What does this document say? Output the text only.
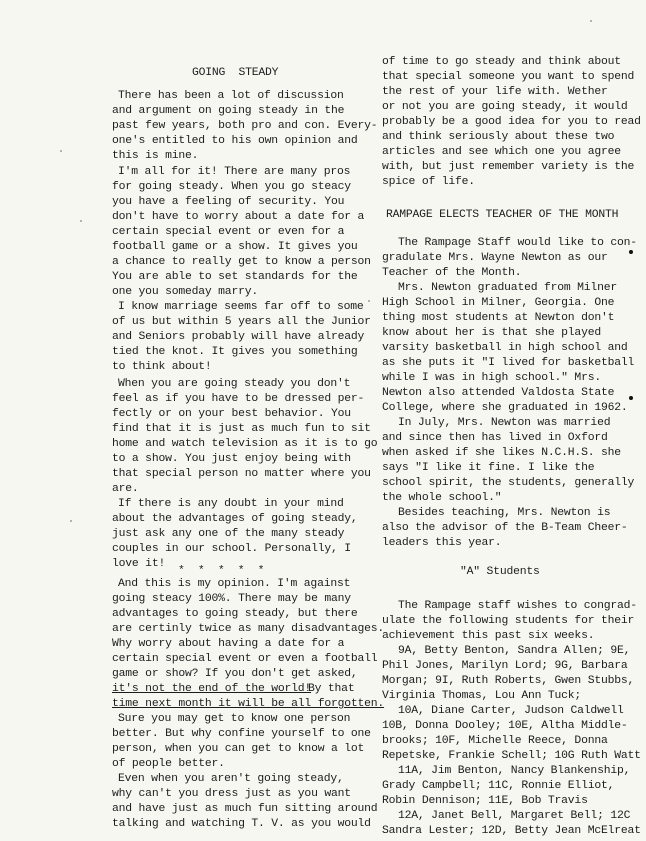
GOING  STEADY
There has been a lot of discussion
and argument on going steady in the
past few years, both pro and con. Every-
one's entitled to his own opinion and
this is mine.
I'm all for it! There are many pros
for going steady. When you go steacy
you have a feeling of security. You
don't have to worry about a date for a
certain special event or even for a
football game or a show. It gives you
a chance to really get to know a person
You are able to set standards for the
one you someday marry.
I know marriage seems far off to some
of us but within 5 years all the Junior
and Seniors probably will have already
tied the knot. It gives you something
to think about!
When you are going steady you don't
feel as if you have to be dressed per-
fectly or on your best behavior. You
find that it is just as much fun to sit
home and watch television as it is to go
to a show. You just enjoy being with
that special person no matter where you
are.
If there is any doubt in your mind
about the advantages of going steady,
just ask any one of the many steady
couples in our school. Personally, I
love it!
*  *  *  *  *
And this is my opinion. I'm against
going steacy 100%. There may be many
advantages to going steady, but there
are certinly twice as many disadvantages.
Why worry about having a date for a
certain special event or even a football
game or show? If you don't get asked,
it's not the end of the world!
By that
time next month it will be all forgotten.
Sure you may get to know one person
better. But why confine yourself to one
person, when you can get to know a lot
of people better.
Even when you aren't going steady,
why can't you dress just as you want
and have just as much fun sitting around
talking and watching T. V. as you would
of time to go steady and think about
that special someone you want to spend
the rest of your life with. Wether
or not you are going steady, it would
probably be a good idea for you to read
and think seriously about these two
articles and see which one you agree
with, but just remember variety is the
spice of life.
RAMPAGE ELECTS TEACHER OF THE MONTH
The Rampage Staff would like to con-
gradulate Mrs. Wayne Newton as our
Teacher of the Month.
Mrs. Newton graduated from Milner
High School in Milner, Georgia. One
thing most students at Newton don't
know about her is that she played
varsity basketball in high school and
as she puts it "I lived for basketball
while I was in high school." Mrs.
Newton also attended Valdosta State
College, where she graduated in 1962.
In July, Mrs. Newton was married
and since then has lived in Oxford
when asked if she likes N.C.H.S. she
says "I like it fine. I like the
school spirit, the students, generally
the whole school."
Besides teaching, Mrs. Newton is
also the advisor of the B-Team Cheer-
leaders this year.
"A" Students
The Rampage staff wishes to congrad-
ulate the following students for their
achievement this past six weeks.
9A, Betty Benton, Sandra Allen; 9E,
Phil Jones, Marilyn Lord; 9G, Barbara
Morgan; 9I, Ruth Roberts, Gwen Stubbs,
Virginia Thomas, Lou Ann Tuck;
10A, Diane Carter, Judson Caldwell
10B, Donna Dooley; 10E, Altha Middle-
brooks; 10F, Michelle Reece, Donna
Repetske, Frankie Schell; 10G Ruth Watt
11A, Jim Benton, Nancy Blankenship,
Grady Campbell; 11C, Ronnie Elliot,
Robin Dennison; 11E, Bob Travis
12A, Janet Bell, Margaret Bell; 12C
Sandra Lester; 12D, Betty Jean McElreat
